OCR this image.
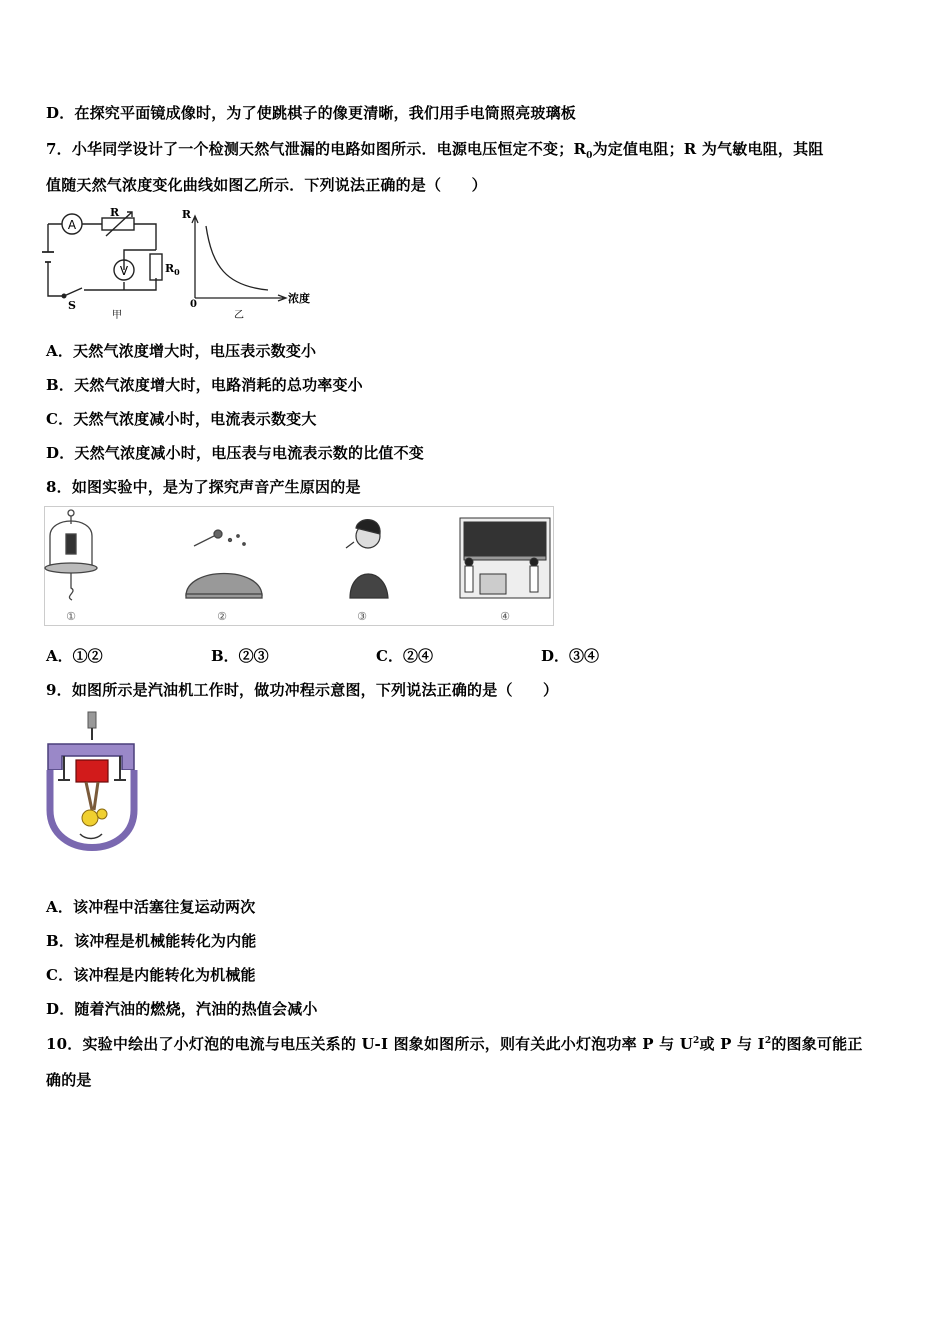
D．在探究平面镜成像时，为了使跳棋子的像更清晰，我们用手电筒照亮玻璃板
7．小华同学设计了一个检测天然气泄漏的电路如图所示．电源电压恒定不变；$R_0$为定值电阻；R 为气敏电阻，其阻
值随天然气浓度变化曲线如图乙所示．下列说法正确的是（　　）
A
V
R
$R_0$
S
甲
R
0	浓度
乙
A．天然气浓度增大时，电压表示数变小
B．天然气浓度增大时，电路消耗的总功率变小
C．天然气浓度减小时，电流表示数变大
D．天然气浓度减小时，电压表与电流表示数的比值不变
8．如图实验中，是为了探究声音产生原因的是
①	②	③	④
A．①②	B．②③	C．②④	D．③④
9．如图所示是汽油机工作时，做功冲程示意图，下列说法正确的是（　　）
A．该冲程中活塞往复运动两次
B．该冲程是机械能转化为内能
C．该冲程是内能转化为机械能
D．随着汽油的燃烧，汽油的热值会减小
10．实验中绘出了小灯泡的电流与电压关系的 U-I 图象如图所示，则有关此小灯泡功率 P 与 $U^2$或 P 与 $I^2$的图象可能正
确的是
